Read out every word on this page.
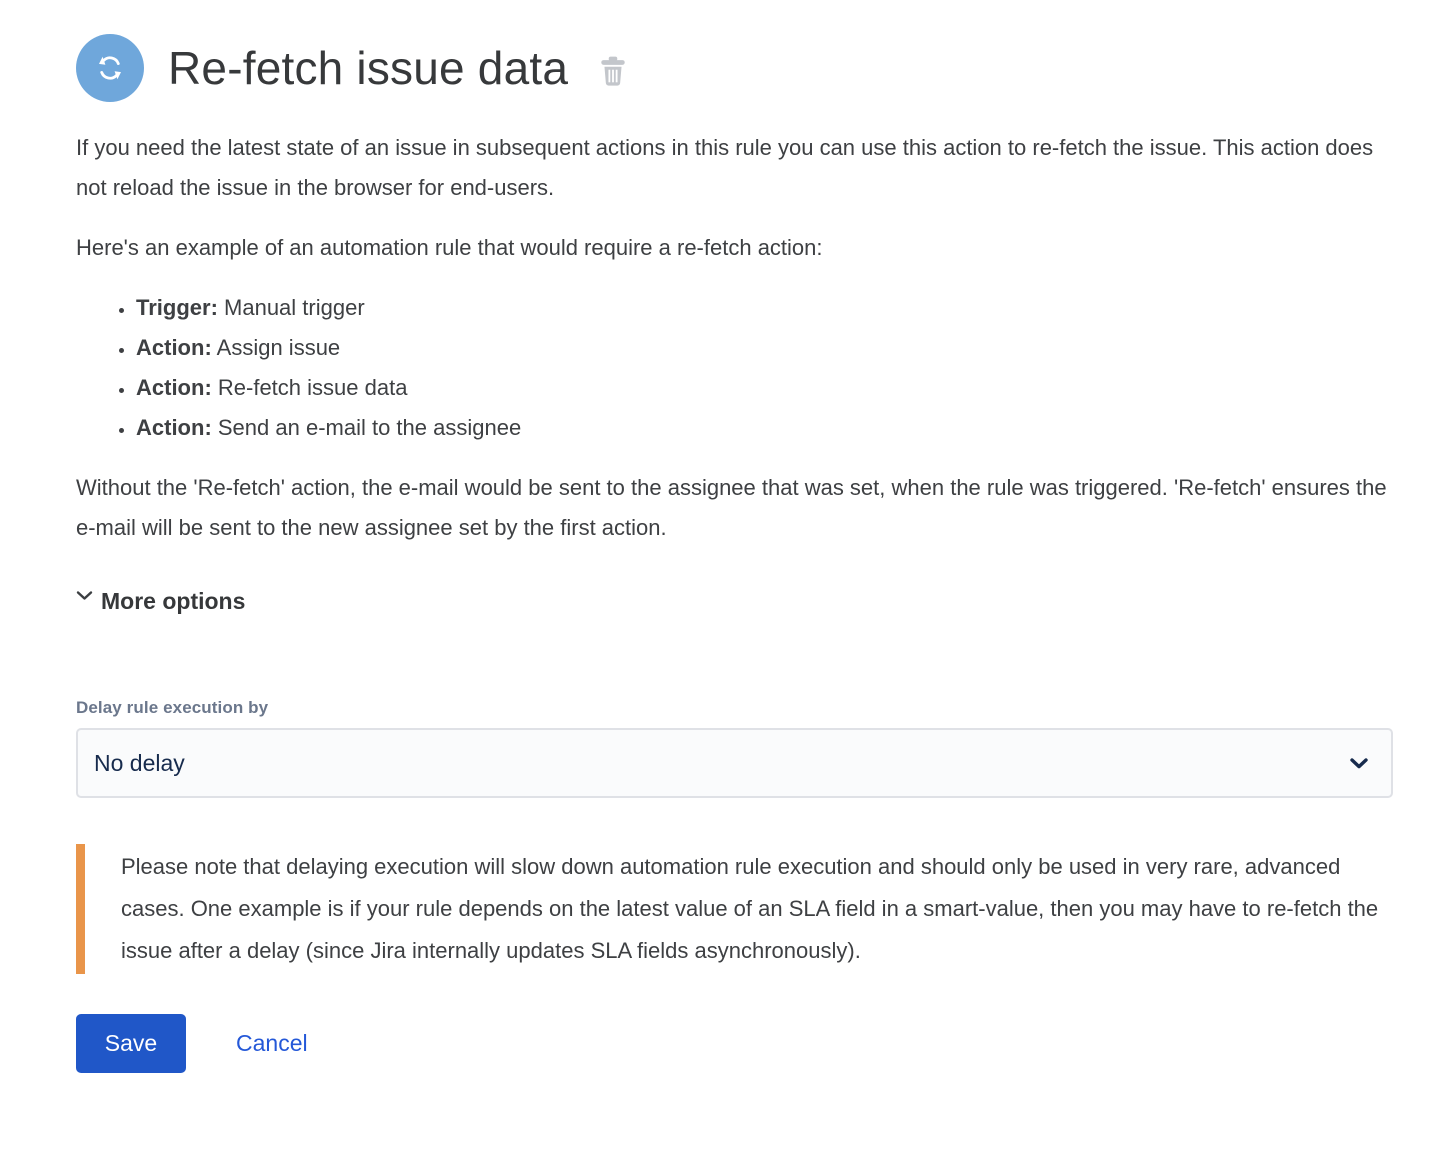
Re-fetch issue data

If you need the latest state of an issue in subsequent actions in this rule you can use this action to re-fetch the issue. This action does not reload the issue in the browser for end-users.

Here's an example of an automation rule that would require a re-fetch action:

• Trigger: Manual trigger
• Action: Assign issue
• Action: Re-fetch issue data
• Action: Send an e-mail to the assignee

Without the 'Re-fetch' action, the e-mail would be sent to the assignee that was set, when the rule was triggered. 'Re-fetch' ensures the e-mail will be sent to the new assignee set by the first action.

More options
Delay rule execution by
No delay

Please note that delaying execution will slow down automation rule execution and should only be used in very rare, advanced cases. One example is if your rule depends on the latest value of an SLA field in a smart-value, then you may have to re-fetch the issue after a delay (since Jira internally updates SLA fields asynchronously).

Save	Cancel
